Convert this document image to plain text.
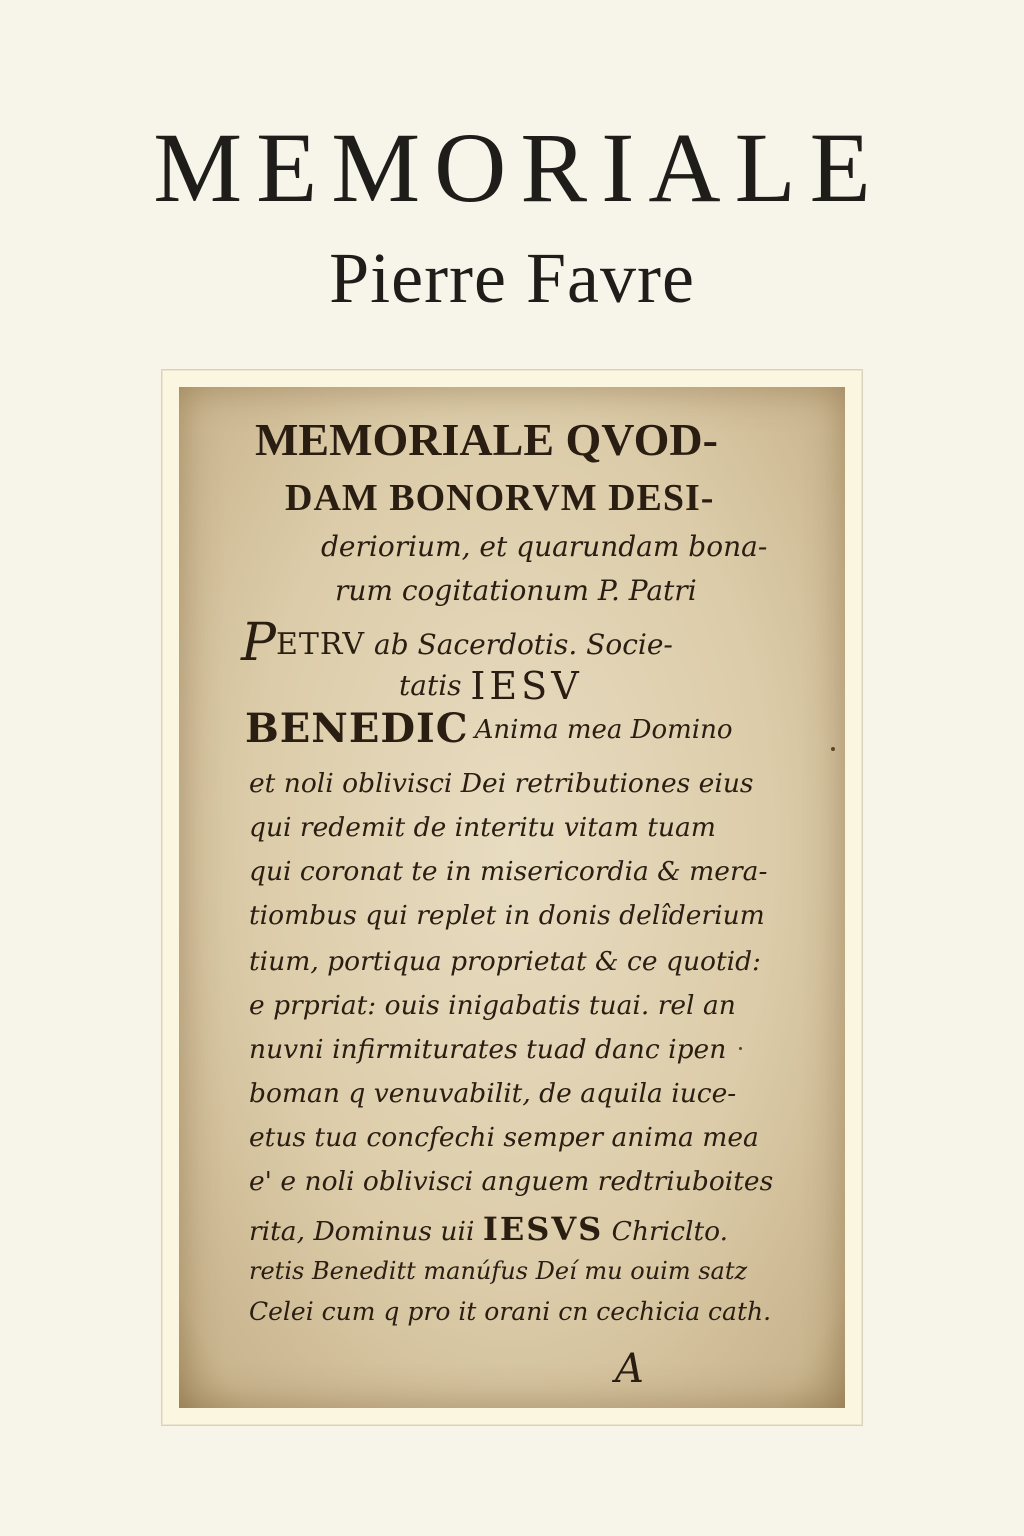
MEMORIALE
Pierre Favre
MEMORIALE QVOD-
DAM BONORVM DESI-
deriorium, et quarundam bona-
rum cogitationum P. Patri
PETRV ab Sacerdotis. Socie-
tatis IESV
BENEDIC Anima mea Domino
et noli oblivisci Dei retributiones eius
qui redemit de interitu vitam tuam
qui coronat te in misericordia & mera-
tiombus qui replet in donis delîderium
tium, portiqua proprietat & ce quotid:
e prpriat: ouis inigabatis tuai. rel an
nuvni infirmiturates tuad danc ipen
boman q venuvabilit, de aquila iuce-
etus tua concfechi semper anima mea
e' e noli oblivisci anguem redtriuboites
rita, Dominus uii IESVS Chriclto.
retis Beneditt manúfus Deí mu ouim satz
Celei cum q pro it orani cn cechicia cath.
A
